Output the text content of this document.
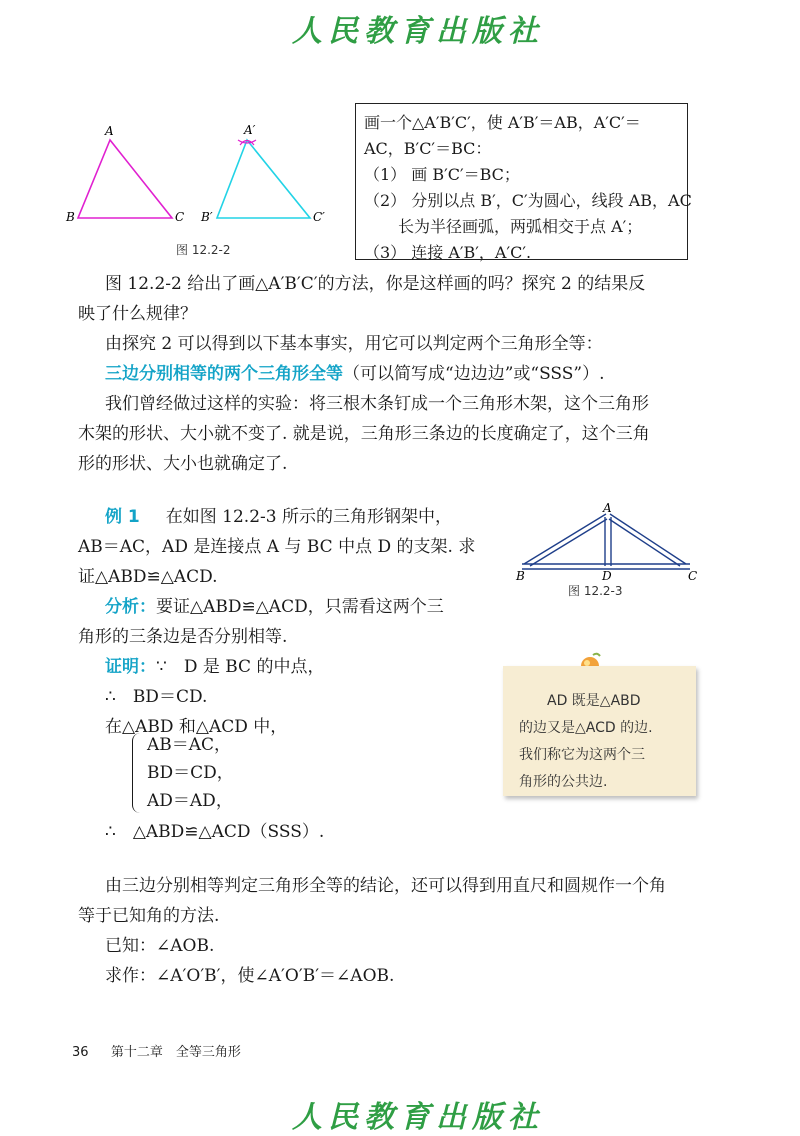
人民教育出版社
A
B	C
A′
B′	C′
图 12.2-2
画一个△A′B′C′，使 A′B′＝AB，A′C′＝
AC，B′C′＝BC：
（1） 画 B′C′＝BC；
（2） 分别以点 B′，C′为圆心，线段 AB，AC
长为半径画弧，两弧相交于点 A′；
（3） 连接 A′B′，A′C′.
图 12.2-2 给出了画△A′B′C′的方法，你是这样画的吗？探究 2 的结果反
映了什么规律？
由探究 2 可以得到以下基本事实，用它可以判定两个三角形全等：
三边分别相等的两个三角形全等（可以简写成“边边边”或“SSS”）.
我们曾经做过这样的实验：将三根木条钉成一个三角形木架，这个三角形
木架的形状、大小就不变了. 就是说，三角形三条边的长度确定了，这个三角
形的形状、大小也就确定了.
例 1 在如图 12.2-3 所示的三角形钢架中，
AB＝AC，AD 是连接点 A 与 BC 中点 D 的支架. 求
证△ABD≌△ACD.
分析：要证△ABD≌△ACD，只需看这两个三
角形的三条边是否分别相等.
证明：∵　D 是 BC 的中点，
∴　BD＝CD.
在△ABD 和△ACD 中，
AB＝AC，
BD＝CD，
AD＝AD，
∴　△ABD≌△ACD（SSS）.
A
B	D	C
图 12.2-3
AD 既是△ABD
的边又是△ACD 的边.
我们称它为这两个三
角形的公共边.
由三边分别相等判定三角形全等的结论，还可以得到用直尺和圆规作一个角
等于已知角的方法.
已知：∠AOB.
求作：∠A′O′B′，使∠A′O′B′＝∠AOB.
36 第十二章　全等三角形
人民教育出版社
